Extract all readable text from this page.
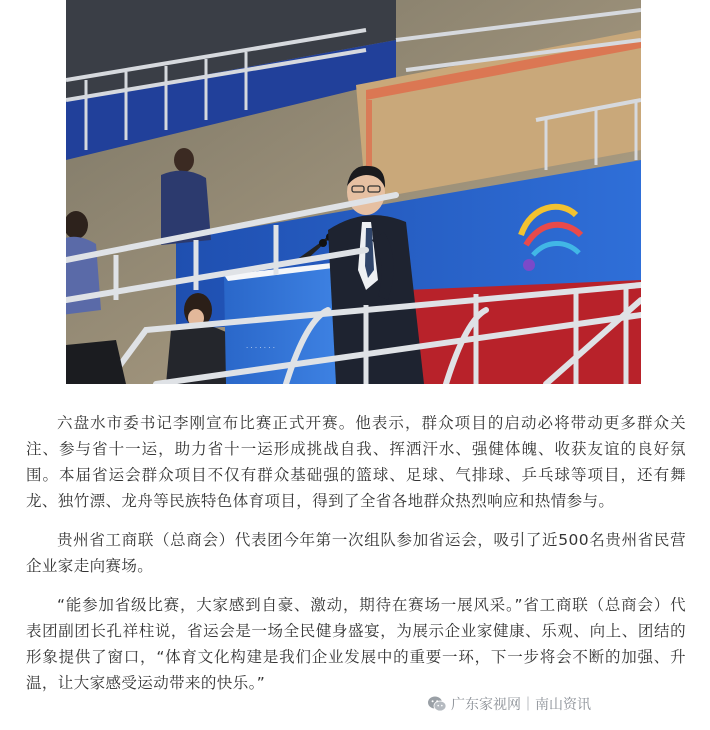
· · · · · · ·

六盘水市委书记李刚宣布比赛正式开赛。他表示，群众项目的启动必将带动更多群众关注、参与省十一运，助力省十一运形成挑战自我、挥洒汗水、强健体魄、收获友谊的良好氛围。本届省运会群众项目不仅有群众基础强的篮球、足球、气排球、乒乓球等项目，还有舞龙、独竹漂、龙舟等民族特色体育项目，得到了全省各地群众热烈响应和热情参与。

贵州省工商联（总商会）代表团今年第一次组队参加省运会，吸引了近500名贵州省民营企业家走向赛场。

“能参加省级比赛，大家感到自豪、激动，期待在赛场一展风采。”省工商联（总商会）代表团副团长孔祥柱说，省运会是一场全民健身盛宴，为展示企业家健康、乐观、向上、团结的形象提供了窗口，“体育文化构建是我们企业发展中的重要一环，下一步将会不断的加强、升温，让大家感受运动带来的快乐。”

广东家视网｜南山资讯
